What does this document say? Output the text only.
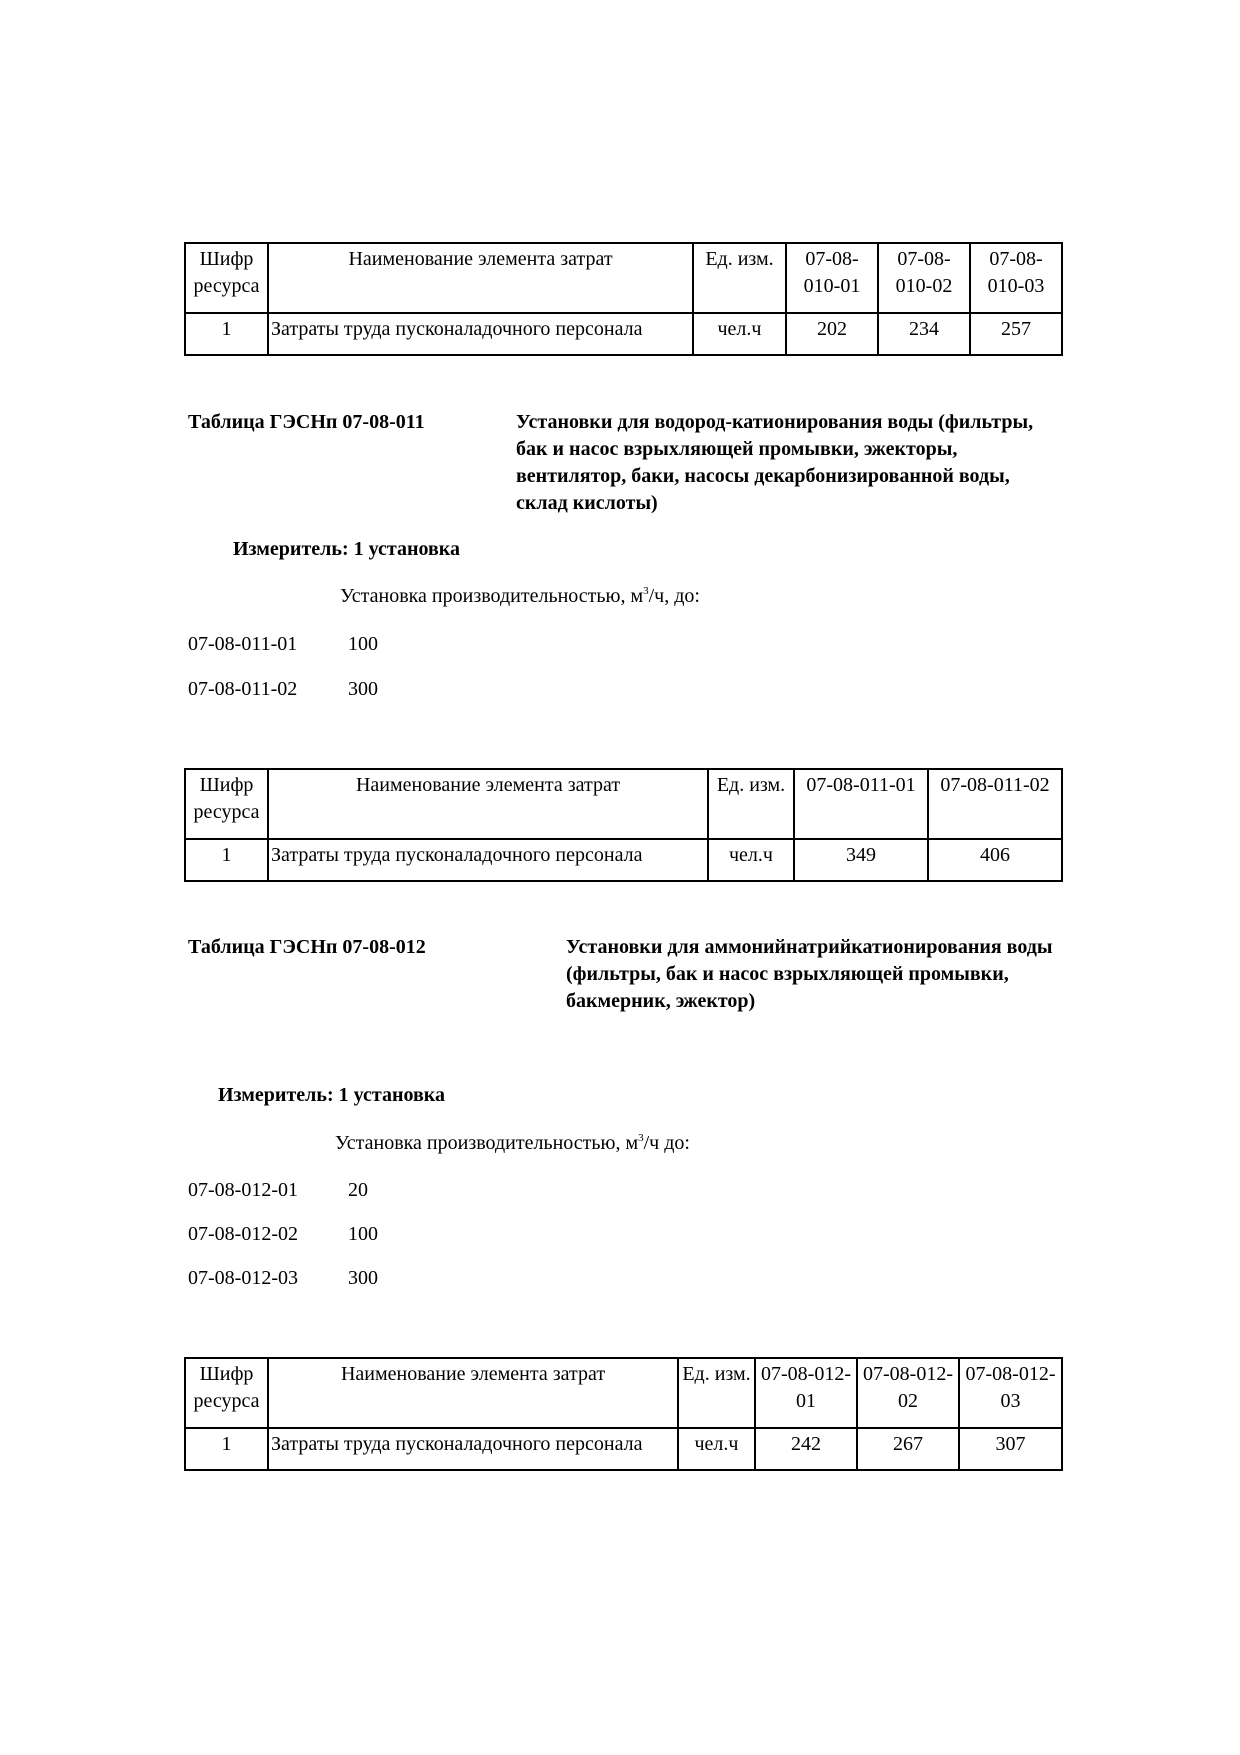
Шифр ресурса	Наименование элемента затрат	Ед. изм.	07-08-010-01	07-08-010-02	07-08-010-03
1	Затраты труда пусконаладочного персонала	чел.ч	202	234	257
Таблица ГЭСНп 07-08-011	Установки для водород-катионирования воды (фильтры, бак и насос взрыхляющей промывки, эжекторы, вентилятор, баки, насосы декарбонизированной воды, склад кислоты)
Измеритель: 1 установка
Установка производительностью, $м^3/ч$, до:
07-08-011-01	100
07-08-011-02	300
Шифр ресурса	Наименование элемента затрат	Ед. изм.	07-08-011-01	07-08-011-02
1	Затраты труда пусконаладочного персонала	чел.ч	349	406
Таблица ГЭСНп 07-08-012	Установки для аммонийнатрийкатионирования воды (фильтры, бак и насос взрыхляющей промывки, бакмерник, эжектор)
Измеритель: 1 установка
Установка производительностью, $м^3/ч$ до:
07-08-012-01	20
07-08-012-02	100
07-08-012-03	300
Шифр ресурса	Наименование элемента затрат	Ед. изм.	07-08-012-01	07-08-012-02	07-08-012-03
1	Затраты труда пусконаладочного персонала	чел.ч	242	267	307
